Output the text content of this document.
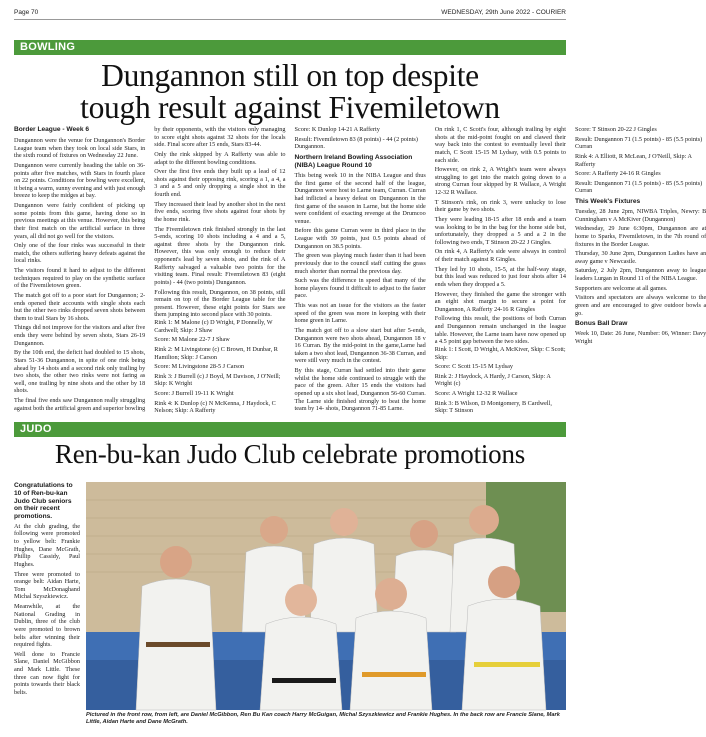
Page 70	WEDNESDAY, 29th June 2022 - COURIER
BOWLING
Dungannon still on top despite
tough result against Fivemiletown
Border League - Week 6

Dungannon were the venue for Dungannon's Border League team when they took on local side Stars, in the sixth round of fixtures on Wednesday 22 June.

Dungannon were currently heading the table on 36-points after five matches, with Stars in fourth place on 22 points. Conditions for bowling were excellent, it being a warm, sunny evening and with just enough breeze to keep the midges at bay.

Dungannon were fairly confident of picking up some points from this game, having done so in previous meetings at this venue. However, this being their first match on the artificial surface in three years, all did not go well for the visitors.

Only one of the four rinks was successful in their match, the others suffering heavy defeats against the local rinks.

The visitors found it hard to adjust to the different techniques required to play on the synthetic surface of the Fivemiletown green.

The match got off to a poor start for Dungannon; 2-ends opened their accounts with single shots each but the other two rinks dropped seven shots between them to trail Stars by 16 shots.

Things did not improve for the visitors and after five ends they were behind by seven shots, Stars 26-19 Dungannon.

By the 10th end, the deficit had doubled to 15 shots, Stars 51-36 Dungannon, in spite of one rink being ahead by 14 shots and a second rink only trailing by two shots, the other two rinks were not faring as well, one trailing by nine shots and the other by 18 shots.

The final five ends saw Dungannon really struggling against both the artificial green and superior bowling by their opponents, with the visitors only managing to score eight shots against 32 shots for the locals side. Final score after 15 ends, Stars 83-44.

Only the rink skipped by A Rafferty was able to adapt to the different bowling conditions.

Over the first five ends they built up a lead of 12 shots against their opposing rink, scoring a 1, a 4, a 3 and a 5 and only dropping a single shot in the fourth end.

They increased their lead by another shot in the next five ends, scoring five shots against four shots by the home rink.

The Fivemiletown rink finished strongly in the last 5-ends, scoring 10 shots including a 4 and a 5, against three shots by the Dungannon rink. However, this was only enough to reduce their opponent's lead by seven shots, and the rink of A Rafferty salvaged a valuable two points for the visiting team. Final result: Fivemiletown 83 (eight points) - 44 (two points) Dungannon.

Following this result, Dungannon, on 38 points, still remain on top of the Border League table for the present. However, these eight points for Stars see them jumping into second place with 30 points.

Rink 1: M Malone (c) D Wright, P Donnelly, W Cardwell; Skip: J Shaw

Score: M Malone 22-7 J Shaw

Rink 2: M Livingstone (c) C Brown, H Dunbar, R Hamilton; Skip: J Carson

Score: M Livingstone 28-5 J Carson

Rink 3: J Burrell (c) J Boyd, M Davison, J O'Neill; Skip: K Wright

Score: J Burrell 19-11 K Wright

Rink 4: K Dunlop (c) N McKenna, J Haydock, C Nelson; Skip: A Rafferty

Score: K Dunlop 14-21 A Rafferty

Result: Fivemiletown 83 (8 points) - 44 (2 points) Dungannon.

Northern Ireland Bowling Association (NIBA) League Round 10

This being week 10 in the NIBA League and thus the first game of the second half of the league, Dungannon were host to Larne team, Curran. Curran had inflicted a heavy defeat on Dungannon in the first game of the season in Larne, but the home side were confident of exacting revenge at the Drumcoo venue.

Before this game Curran were in third place in the League with 39 points, just 0.5 points ahead of Dungannon on 38.5 points.

The green was playing much faster than it had been previously due to the council staff cutting the grass much shorter than normal the previous day.

Such was the difference in speed that many of the home players found it difficult to adjust to the faster pace.

This was not an issue for the visitors as the faster speed of the green was more in keeping with their home green in Larne.

The match got off to a slow start but after 5-ends, Dungannon were two shots ahead, Dungannon 18 v 16 Curran. By the mid-point in the game,Larne had taken a two shot lead, Dungannon 36-38 Curran, and were still very much in the contest.

By this stage, Curran had settled into their game whilst the home side continued to struggle with the pace of the green. After 15 ends the visitors had opened up a six shot lead, Dungannon 56-60 Curran. The Larne side finished strongly to beat the home team by 14- shots, Dungannon 71-85 Larne.

On rink 1, C Scott's four, although trailing by eight shots at the mid-point fought on and clawed their way back into the contest to eventually level their match, C Scott 15-15 M Lydsay, with 0.5 points to each side.

However, on rink 2, A Wright's team were always struggling to get into the match going down to a strong Curran four skipped by R Wallace, A Wright 12-32 R Wallace.

T Stinson's rink, on rink 3, were unlucky to lose their game by two shots.

They were leading 18-15 after 18 ends and a team was looking to be in the bag for the home side but, unfortunately, they dropped a 5 and a 2 in the following two ends, T Stinson 20-22 J Gingles.

On rink 4, A Rafferty's side were always in control of their match against R Gingles.

They led by 10 shots, 15-5, at the half-way stage, but this lead was reduced to just four shots after 14 ends when they dropped a 5.

However, they finished the game the stronger with an eight shot margin to secure a point for Dungannon, A Rafferty 24-16 R Gingles

Following this result, the positions of both Curran and Dungannon remain unchanged in the league table. However, the Larne team have now opened up a 4.5 point gap between the two sides.

Rink 1: I Scott, D Wright, A McKiver, Skip: C Scott; Skip:

Score: C Scott 15-15 M Lydsay

Rink 2: J Haydock, A Hardy, J Carson, Skip: A Wright (c)

Score: A Wright 12-32 R Wallace

Rink 3: B Wilson, D Montgomery, B Cardwell, Skip: T Stinson

Score: T Stinson 20-22 J Gingles

Result: Dungannon 71 (1.5 points) - 85 (5.5 points) Curran

Rink 4: A Elliott, R McLean, J O'Neill, Skip: A Rafferty

Score: A Rafferty 24-16 R Gingles

Result: Dungannon 71 (1.5 points) - 85 (5.5 points) Curran

This Week's Fixtures

Tuesday, 28 June 2pm, NIWBA Triples, Newry: B Cunningham v A McKiver (Dungannon)

Wednesday, 29 June 6:30pm, Dungannon are at home to Sparks, Fivemiletown, in the 7th round of fixtures in the Border League.

Thursday, 30 June 2pm, Dungannon Ladies have an away game v Newcastle.

Saturday, 2 July 2pm, Dungannon away to league leaders Lurgan in Round 11 of the NIBA League.

Supporters are welcome at all games.

Visitors and spectators are always welcome to the green and are encouraged to give outdoor bowls a go.

Bonus Ball Draw

Week 10, Date: 26 June, Number: 06, Winner: Davy Wright

JUDO
Ren-bu-kan Judo Club celebrate promotions

Congratulations to 10 of Ren-bu-kan Judo Club seniors on their recent promotions.

At the club grading, the following were promoted to yellow belt: Frankie Hughes, Dane McGrath, Phillip Cassidy, Paul Hughes.

Three were promoted to orange belt: Aidan Harte, Tom McDonaghand Michal Szyszkiewicz.

Meanwhile, at the National Grading in Dublin, three of the club were promoted to brown belts after winning their required fights.

Well done to Francie Slane, Daniel McGibbon and Mark Little. These three can now fight for points towards their black belts.

Pictured in the front row, from left, are Daniel McGibbon, Ren Bu Kan coach Harry McGuigan, Michal Szyszkiewicz and Frankie Hughes. In the back row are Francie Slane, Mark Little, Aidan Harte and Dane McGrath.
